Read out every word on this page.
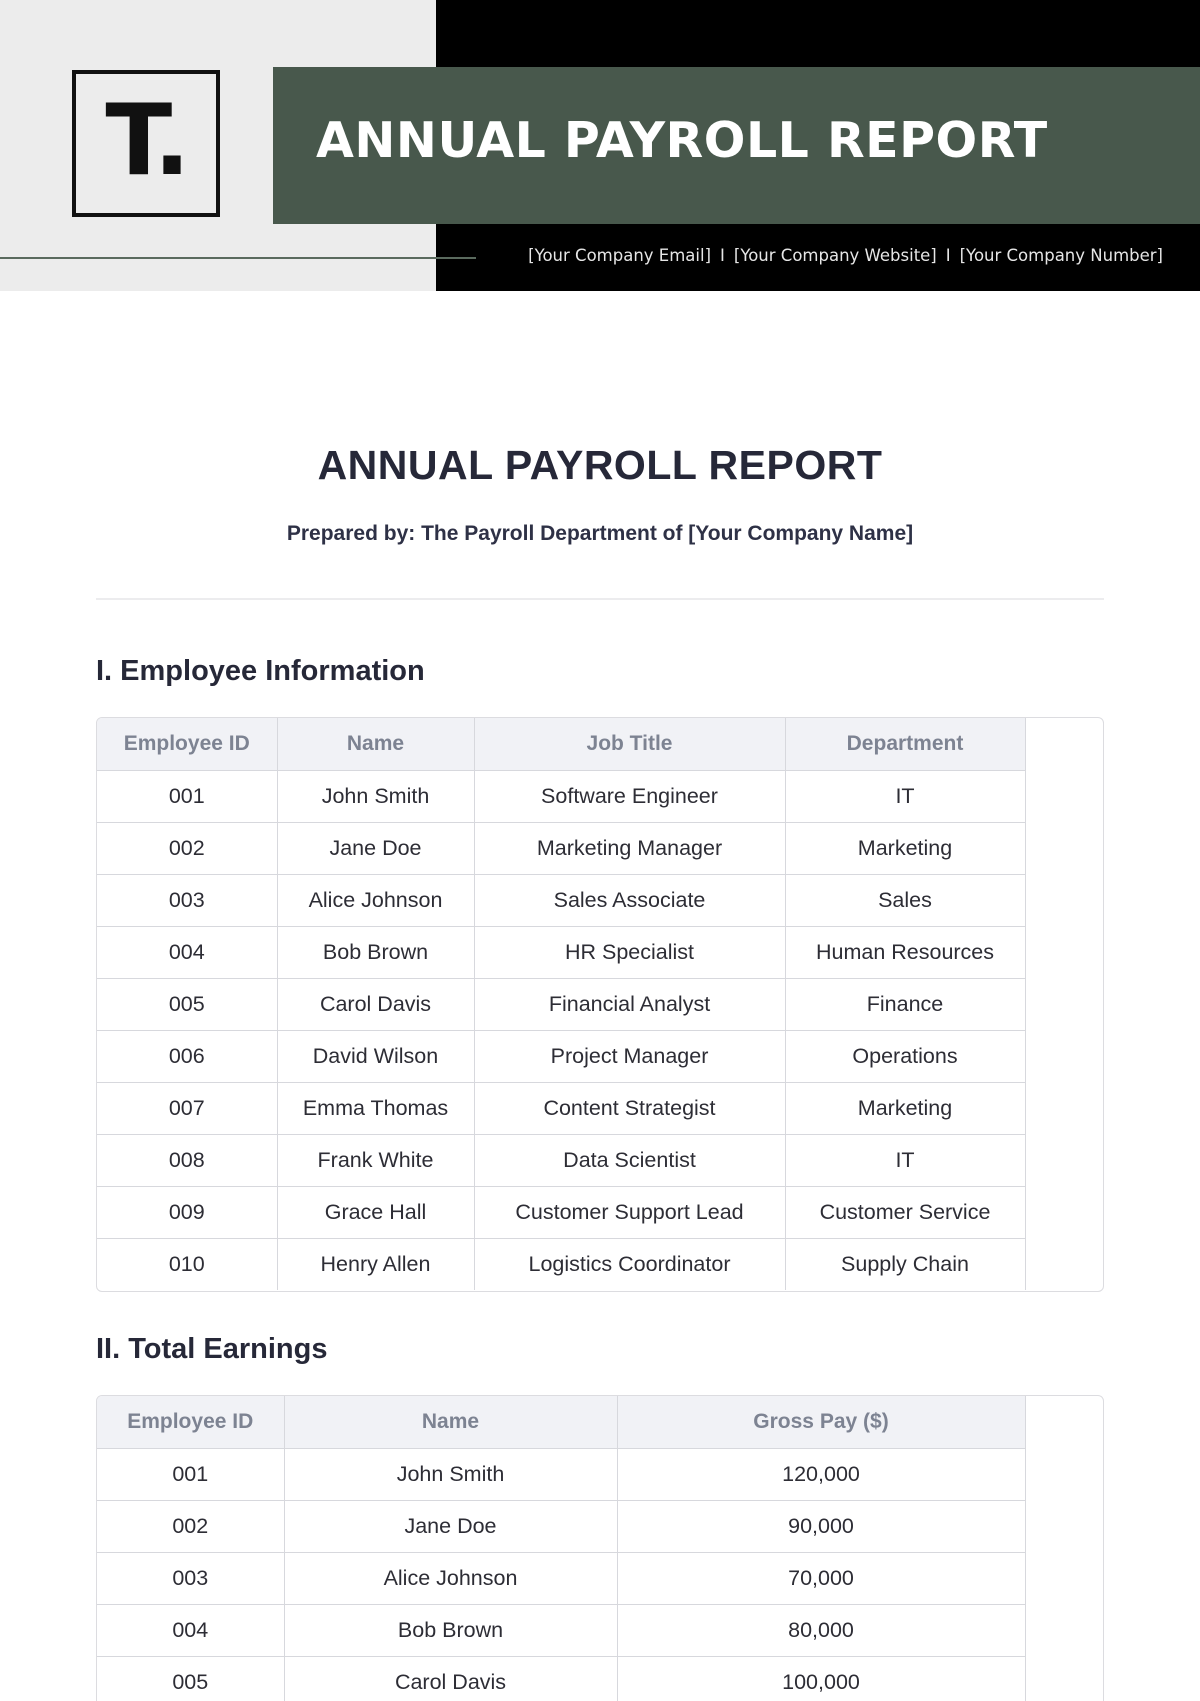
T.	ANNUAL PAYROLL REPORT
[Your Company Email] I [Your Company Website] I [Your Company Number]
ANNUAL PAYROLL REPORT
Prepared by: The Payroll Department of [Your Company Name]
I. Employee Information
Employee ID	Name	Job Title	Department
001	John Smith	Software Engineer	IT
002	Jane Doe	Marketing Manager	Marketing
003	Alice Johnson	Sales Associate	Sales
004	Bob Brown	HR Specialist	Human Resources
005	Carol Davis	Financial Analyst	Finance
006	David Wilson	Project Manager	Operations
007	Emma Thomas	Content Strategist	Marketing
008	Frank White	Data Scientist	IT
009	Grace Hall	Customer Support Lead	Customer Service
010	Henry Allen	Logistics Coordinator	Supply Chain
II. Total Earnings
Employee ID	Name	Gross Pay ($)
001	John Smith	120,000
002	Jane Doe	90,000
003	Alice Johnson	70,000
004	Bob Brown	80,000
005	Carol Davis	100,000
